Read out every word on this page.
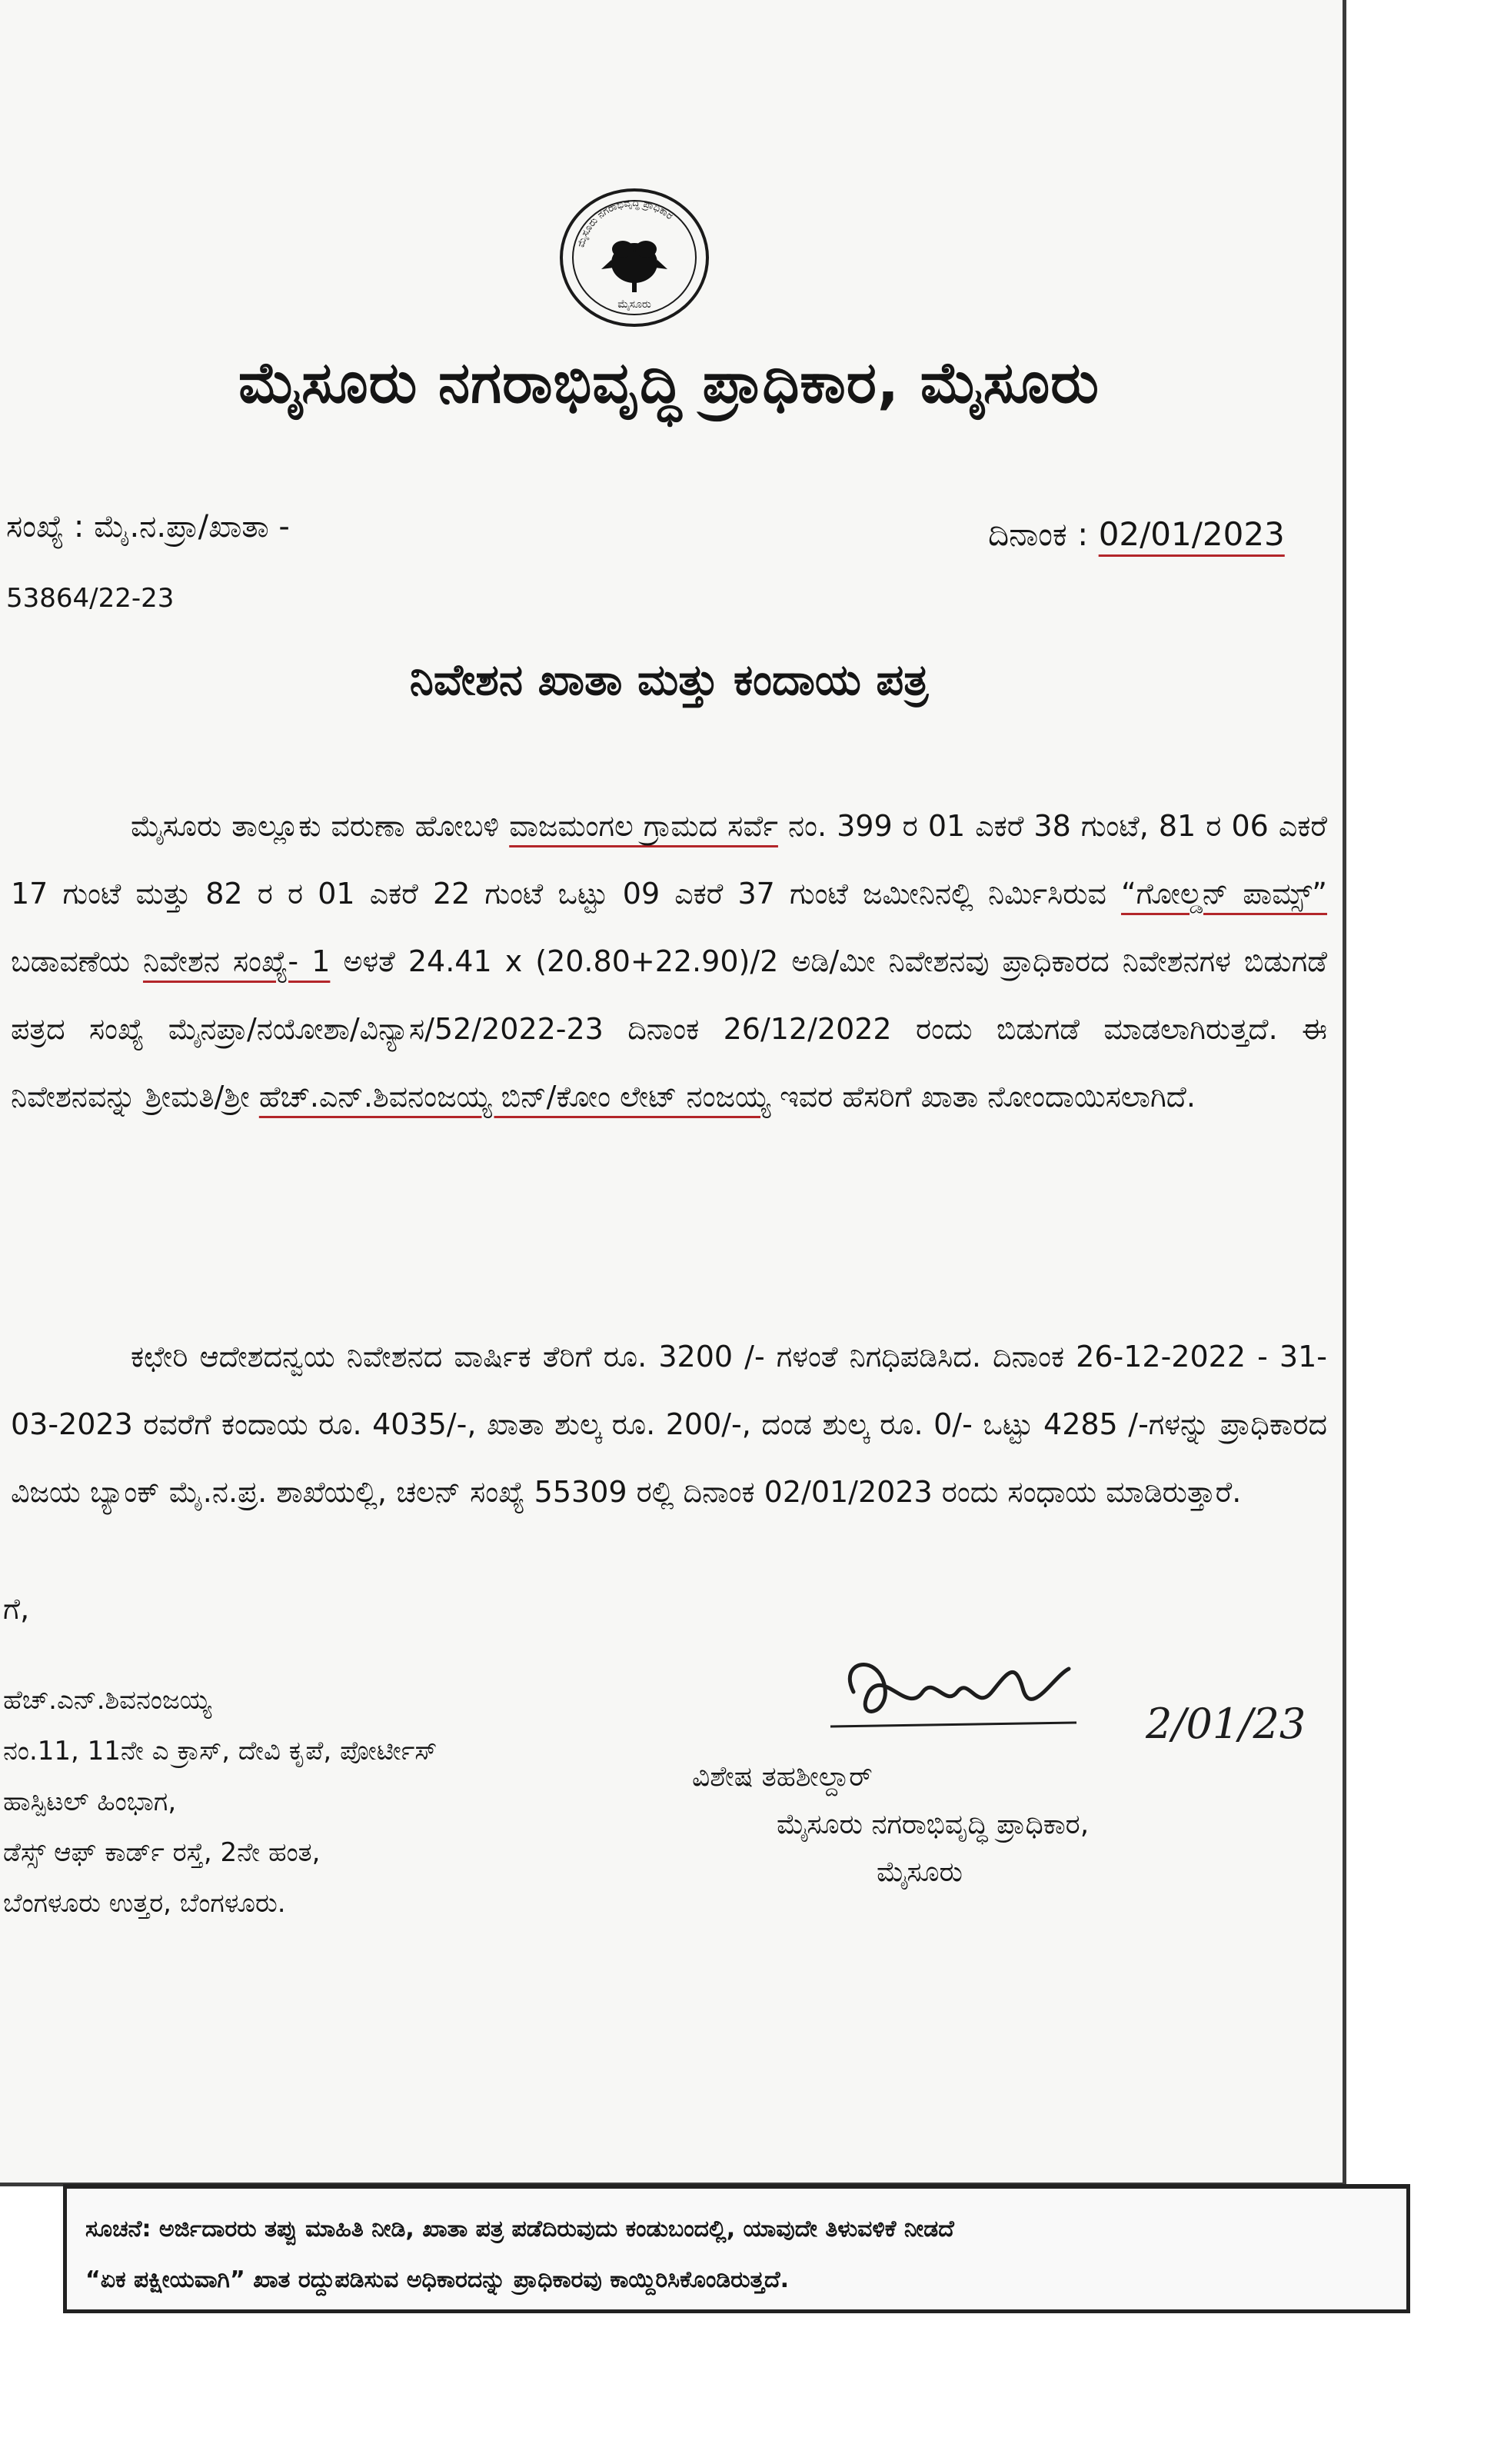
ಮೈಸೂರು ನಗರಾಭಿವೃದ್ಧಿ ಪ್ರಾಧಿಕಾರ
ಮೈಸೂರು
ಮೈಸೂರು ನಗರಾಭಿವೃದ್ಧಿ ಪ್ರಾಧಿಕಾರ, ಮೈಸೂರು
ಸಂಖ್ಯೆ : ಮೈ.ನ.ಪ್ರಾ/ಖಾತಾ -
53864/22-23
ದಿನಾಂಕ : 02/01/2023
ನಿವೇಶನ ಖಾತಾ ಮತ್ತು ಕಂದಾಯ ಪತ್ರ
ಮೈಸೂರು ತಾಲ್ಲೂಕು ವರುಣಾ ಹೋಬಳಿ ವಾಜಮಂಗಲ ಗ್ರಾಮದ ಸರ್ವೆ ನಂ. 399 ರ 01 ಎಕರೆ 38 ಗುಂಟೆ, 81 ರ 06 ಎಕರೆ 17 ಗುಂಟೆ ಮತ್ತು 82 ರ ರ 01 ಎಕರೆ 22 ಗುಂಟೆ ಒಟ್ಟು 09 ಎಕರೆ 37 ಗುಂಟೆ ಜಮೀನಿನಲ್ಲಿ ನಿರ್ಮಿಸಿರುವ “ಗೋಲ್ಡನ್ ಪಾಮ್ಸ್” ಬಡಾವಣೆಯ ನಿವೇಶನ ಸಂಖ್ಯೆ- 1 ಅಳತೆ 24.41 x (20.80+22.90)/2 ಅಡಿ/ಮೀ ನಿವೇಶನವು ಪ್ರಾಧಿಕಾರದ ನಿವೇಶನಗಳ ಬಿಡುಗಡೆ ಪತ್ರದ ಸಂಖ್ಯೆ ಮೈನಪ್ರಾ/ನಯೋಶಾ/ವಿನ್ಯಾಸ/52/2022-23 ದಿನಾಂಕ 26/12/2022 ರಂದು ಬಿಡುಗಡೆ ಮಾಡಲಾಗಿರುತ್ತದೆ. ಈ ನಿವೇಶನವನ್ನು ಶ್ರೀಮತಿ/ಶ್ರೀ ಹೆಚ್.ಎನ್.ಶಿವನಂಜಯ್ಯ ಬಿನ್/ಕೋಂ ಲೇಟ್ ನಂಜಯ್ಯ ಇವರ ಹೆಸರಿಗೆ ಖಾತಾ ನೋಂದಾಯಿಸಲಾಗಿದೆ.
ಕಛೇರಿ ಆದೇಶದನ್ವಯ ನಿವೇಶನದ ವಾರ್ಷಿಕ ತೆರಿಗೆ ರೂ. 3200 /- ಗಳಂತೆ ನಿಗಧಿಪಡಿಸಿದ. ದಿನಾಂಕ 26-12-2022 - 31-03-2023 ರವರೆಗೆ ಕಂದಾಯ ರೂ. 4035/-, ಖಾತಾ ಶುಲ್ಕ ರೂ. 200/-, ದಂಡ ಶುಲ್ಕ ರೂ. 0/- ಒಟ್ಟು 4285 /-ಗಳನ್ನು ಪ್ರಾಧಿಕಾರದ ವಿಜಯ ಬ್ಯಾಂಕ್ ಮೈ.ನ.ಪ್ರ. ಶಾಖೆಯಲ್ಲಿ, ಚಲನ್ ಸಂಖ್ಯೆ 55309 ರಲ್ಲಿ ದಿನಾಂಕ 02/01/2023 ರಂದು ಸಂಧಾಯ ಮಾಡಿರುತ್ತಾರೆ.
ಗೆ,
ಹೆಚ್.ಎನ್.ಶಿವನಂಜಯ್ಯ
ನಂ.11, 11ನೇ ಎ ಕ್ರಾಸ್, ದೇವಿ ಕೃಪೆ, ಪೋರ್ಟೀಸ್
ಹಾಸ್ಪಿಟಲ್ ಹಿಂಭಾಗ,
ಡೆಸ್ಸ್ ಆಫ್ ಕಾರ್ಡ್ ರಸ್ತೆ, 2ನೇ ಹಂತ,
ಬೆಂಗಳೂರು ಉತ್ತರ, ಬೆಂಗಳೂರು.
2/01/23
ವಿಶೇಷ ತಹಶೀಲ್ದಾರ್
ಮೈಸೂರು ನಗರಾಭಿವೃದ್ಧಿ ಪ್ರಾಧಿಕಾರ,
ಮೈಸೂರು
ಸೂಚನೆ: ಅರ್ಜಿದಾರರು ತಪ್ಪು ಮಾಹಿತಿ ನೀಡಿ, ಖಾತಾ ಪತ್ರ ಪಡೆದಿರುವುದು ಕಂಡುಬಂದಲ್ಲಿ, ಯಾವುದೇ ತಿಳುವಳಿಕೆ ನೀಡದೆ
“ಏಕ ಪಕ್ಷೀಯವಾಗಿ” ಖಾತ ರದ್ದುಪಡಿಸುವ ಅಧಿಕಾರದನ್ನು ಪ್ರಾಧಿಕಾರವು ಕಾಯ್ದಿರಿಸಿಕೊಂಡಿರುತ್ತದೆ.
